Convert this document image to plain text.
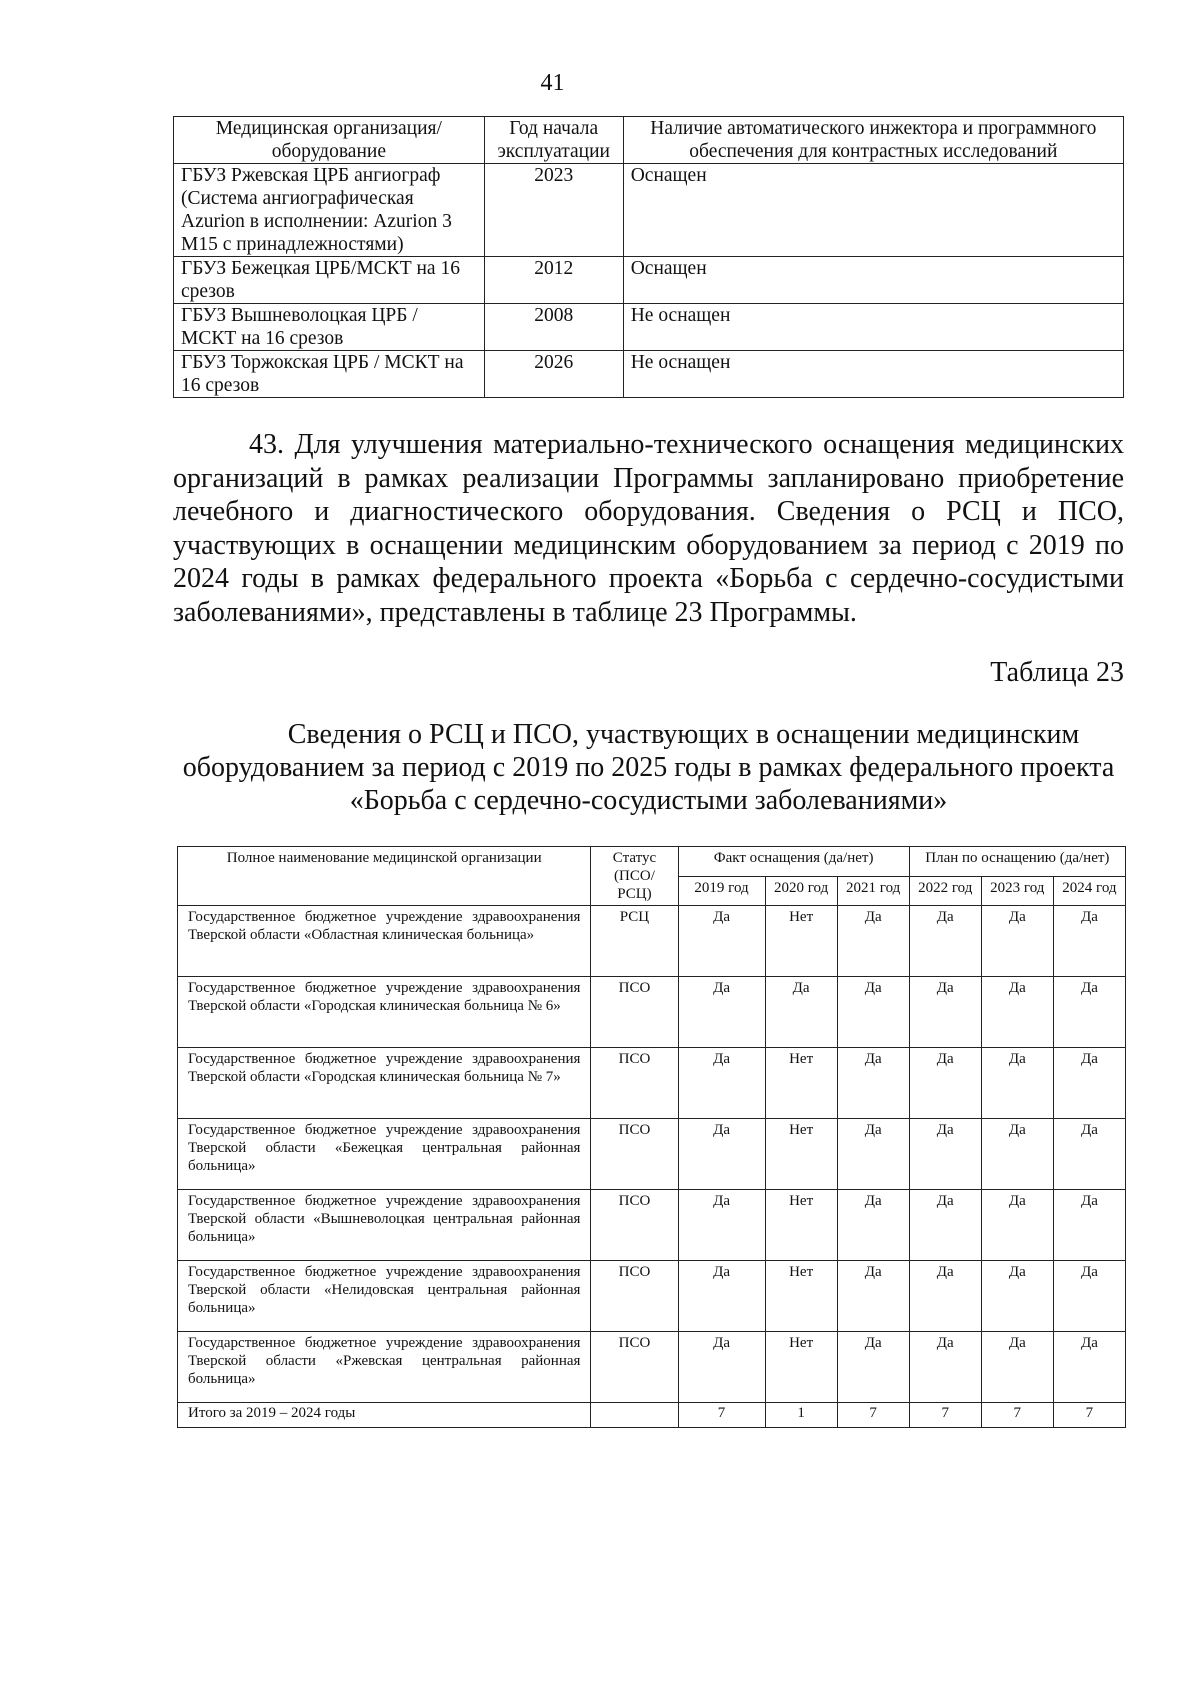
41
Медицинская организация/ оборудование	Год начала эксплуатации	Наличие автоматического инжектора и программного обеспечения для контрастных исследований
ГБУЗ Ржевская ЦРБ ангиограф (Система ангиографическая Azurion в исполнении: Azurion 3 M15 с принадлежностями)	2023	Оснащен
ГБУЗ Бежецкая ЦРБ/МСКТ на 16 срезов	2012	Оснащен
ГБУЗ Вышневолоцкая ЦРБ / МСКТ на 16 срезов	2008	Не оснащен
ГБУЗ Торжокская ЦРБ / МСКТ на 16 срезов	2026	Не оснащен

43. Для улучшения материально-технического оснащения медицинских организаций в рамках реализации Программы запланировано приобретение лечебного и диагностического оборудования. Сведения о РСЦ и ПСО, участвующих в оснащении медицинским оборудованием за период с 2019 по 2024 годы в рамках федерального проекта «Борьба с сердечно-сосудистыми заболеваниями», представлены в таблице 23 Программы.

Таблица 23

Сведения о РСЦ и ПСО, участвующих в оснащении медицинским оборудованием за период с 2019 по 2025 годы в рамках федерального проекта «Борьба с сердечно-сосудистыми заболеваниями»

Полное наименование медицинской организации	Статус (ПСО/ РСЦ)	Факт оснащения (да/нет)			План по оснащению (да/нет)		
		2019 год	2020 год	2021 год	2022 год	2023 год	2024 год
Государственное бюджетное учреждение здравоохранения Тверской области «Областная клиническая больница»	РСЦ	Да	Нет	Да	Да	Да	Да
Государственное бюджетное учреждение здравоохранения Тверской области «Городская клиническая больница № 6»	ПСО	Да	Да	Да	Да	Да	Да
Государственное бюджетное учреждение здравоохранения Тверской области «Городская клиническая больница № 7»	ПСО	Да	Нет	Да	Да	Да	Да
Государственное бюджетное учреждение здравоохранения Тверской области «Бежецкая центральная районная больница»	ПСО	Да	Нет	Да	Да	Да	Да
Государственное бюджетное учреждение здравоохранения Тверской области «Вышневолоцкая центральная районная больница»	ПСО	Да	Нет	Да	Да	Да	Да
Государственное бюджетное учреждение здравоохранения Тверской области «Нелидовская центральная районная больница»	ПСО	Да	Нет	Да	Да	Да	Да
Государственное бюджетное учреждение здравоохранения Тверской области «Ржевская центральная районная больница»	ПСО	Да	Нет	Да	Да	Да	Да
Итого за 2019 – 2024 годы		7	1	7	7	7	7
